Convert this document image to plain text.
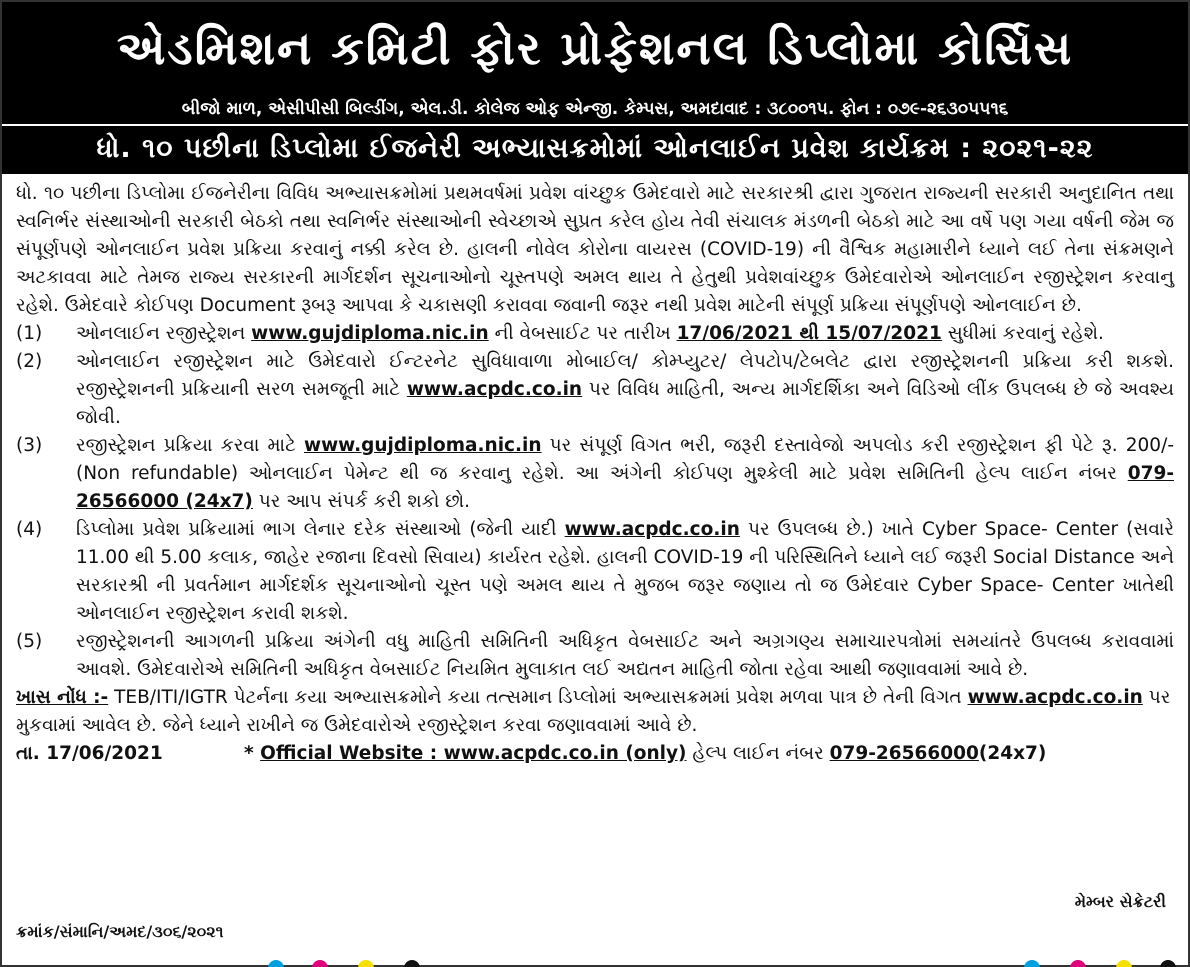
એડમિશન કમિટી ફોર પ્રોફેશનલ ડિપ્લોમા કોર્સિસ
બીજો માળ, એસીપીસી બિલ્ડીંગ, એલ.ડી. કોલેજ ઓફ એન્જી. કેમ્પસ, અમદાવાદ : ૩૮૦૦૧૫. ફોન : ૦૭૯-૨૬૩૦૫૫૧૬
ધો. ૧૦ પછીના ડિપ્લોમા ઈજનેરી અભ્યાસક્રમોમાં ઓનલાઈન પ્રવેશ કાર્યક્રમ : ૨૦૨૧-૨૨

ધો. ૧૦ પછીના ડિપ્લોમા ઈજનેરીના વિવિધ અભ્યાસક્રમોમાં પ્રથમવર્ષમાં પ્રવેશ વાંચ્છુક ઉમેદવારો માટે સરકારશ્રી દ્વારા ગુજરાત રાજ્યની સરકારી અનુદાનિત તથા સ્વનિર્ભર સંસ્થાઓની સરકારી બેઠકો તથા સ્વનિર્ભર સંસ્થાઓની સ્વેચ્છાએ સુપ્રત કરેલ હોય તેવી સંચાલક મંડળની બેઠકો માટે આ વર્ષે પણ ગયા વર્ષની જેમ જ સંપૂર્ણપણે ઓનલાઈન પ્રવેશ પ્રક્રિયા કરવાનું નક્કી કરેલ છે. હાલની નોવેલ કોરોના વાયરસ (COVID-19) ની વૈશ્વિક મહામારીને ધ્યાને લઈ તેના સંક્રમણને અટકાવવા માટે તેમજ રાજ્ય સરકારની માર્ગદર્શન સૂચનાઓનો ચૂસ્તપણે અમલ થાય તે હેતુથી પ્રવેશવાંચ્છુક ઉમેદવારોએ ઓનલાઈન રજીસ્ટ્રેશન કરવાનુ રહેશે. ઉમેદવારે કોઈપણ Document રૂબરૂ આપવા કે ચકાસણી કરાવવા જવાની જરૂર નથી પ્રવેશ માટેની સંપૂર્ણ પ્રક્રિયા સંપૂર્ણપણે ઓનલાઈન છે.

(1)	ઓનલાઈન રજીસ્ટ્રેશન www.gujdiploma.nic.in ની વેબસાઈટ પર તારીખ 17/06/2021 થી 15/07/2021 સુધીમાં કરવાનું રહેશે.
(2)	ઓનલાઈન રજીસ્ટ્રેશન માટે ઉમેદવારો ઈન્ટરનેટ સુવિધાવાળા મોબાઈલ/ કોમ્પ્યુટર/ લેપટોપ/ટેબલેટ દ્વારા રજીસ્ટ્રેશનની પ્રક્રિયા કરી શકશે. રજીસ્ટ્રેશનની પ્રક્રિયાની સરળ સમજૂતી માટે www.acpdc.co.in પર વિવિધ માહિતી, અન્ય માર્ગદર્શિકા અને વિડિઓ લીંક ઉપલબ્ધ છે જે અવશ્ય જોવી.
(3)	રજીસ્ટ્રેશન પ્રક્રિયા કરવા માટે www.gujdiploma.nic.in પર સંપૂર્ણ વિગત ભરી, જરૂરી દસ્તાવેજો અપલોડ કરી રજીસ્ટ્રેશન ફી પેટે રૂ. 200/- (Non refundable) ઓનલાઈન પેમેન્ટ થી જ કરવાનુ રહેશે. આ અંગેની કોઈપણ મુશ્કેલી માટે પ્રવેશ સમિતિની હેલ્પ લાઈન નંબર 079- 26566000 (24x7) પર આપ સંપર્ક કરી શકો છો.
(4)	ડિપ્લોમા પ્રવેશ પ્રક્રિયામાં ભાગ લેનાર દરેક સંસ્થાઓ (જેની યાદી www.acpdc.co.in પર ઉપલબ્ધ છે.) ખાતે Cyber Space- Center (સવારે 11.00 થી 5.00 કલાક, જાહેર રજાના દિવસો સિવાય) કાર્યરત રહેશે. હાલની COVID-19 ની પરિસ્થિતિને ધ્યાને લઈ જરૂરી Social Distance અને સરકારશ્રી ની પ્રવર્તમાન માર્ગદર્શક સૂચનાઓનો ચૂસ્ત પણે અમલ થાય તે મુજબ જરૂર જણાય તો જ ઉમેદવાર Cyber Space- Center ખાતેથી ઓનલાઈન રજીસ્ટ્રેશન કરાવી શકશે.
(5)	રજીસ્ટ્રેશનની આગળની પ્રક્રિયા અંગેની વધુ માહિતી સમિતિની અધિકૃત વેબસાઈટ અને અગ્રગણ્ય સમાચારપત્રોમાં સમયાંતરે ઉપલબ્ધ કરાવવામાં આવશે. ઉમેદવારોએ સમિતિની અધિકૃત વેબસાઈટ નિયમિત મુલાકાત લઈ અદ્યતન માહિતી જોતા રહેવા આથી જણાવવામાં આવે છે.

ખાસ નોંધ :- TEB/ITI/IGTR પેટર્નના કયા અભ્યાસક્રમોને કયા તત્સમાન ડિપ્લોમાં અભ્યાસક્રમમાં પ્રવેશ મળવા પાત્ર છે તેની વિગત www.acpdc.co.in પર મુકવામાં આવેલ છે. જેને ધ્યાને રાખીને જ ઉમેદવારોએ રજીસ્ટ્રેશન કરવા જણાવવામાં આવે છે.

તા. 17/06/2021	* Official Website : www.acpdc.co.in (only) હેલ્પ લાઈન નંબર 079-26566000(24x7)
મેમ્બર સેક્રેટરી
ક્રમાંક/સંમાનિ/અમદ/૩૦૬/૨૦૨૧
